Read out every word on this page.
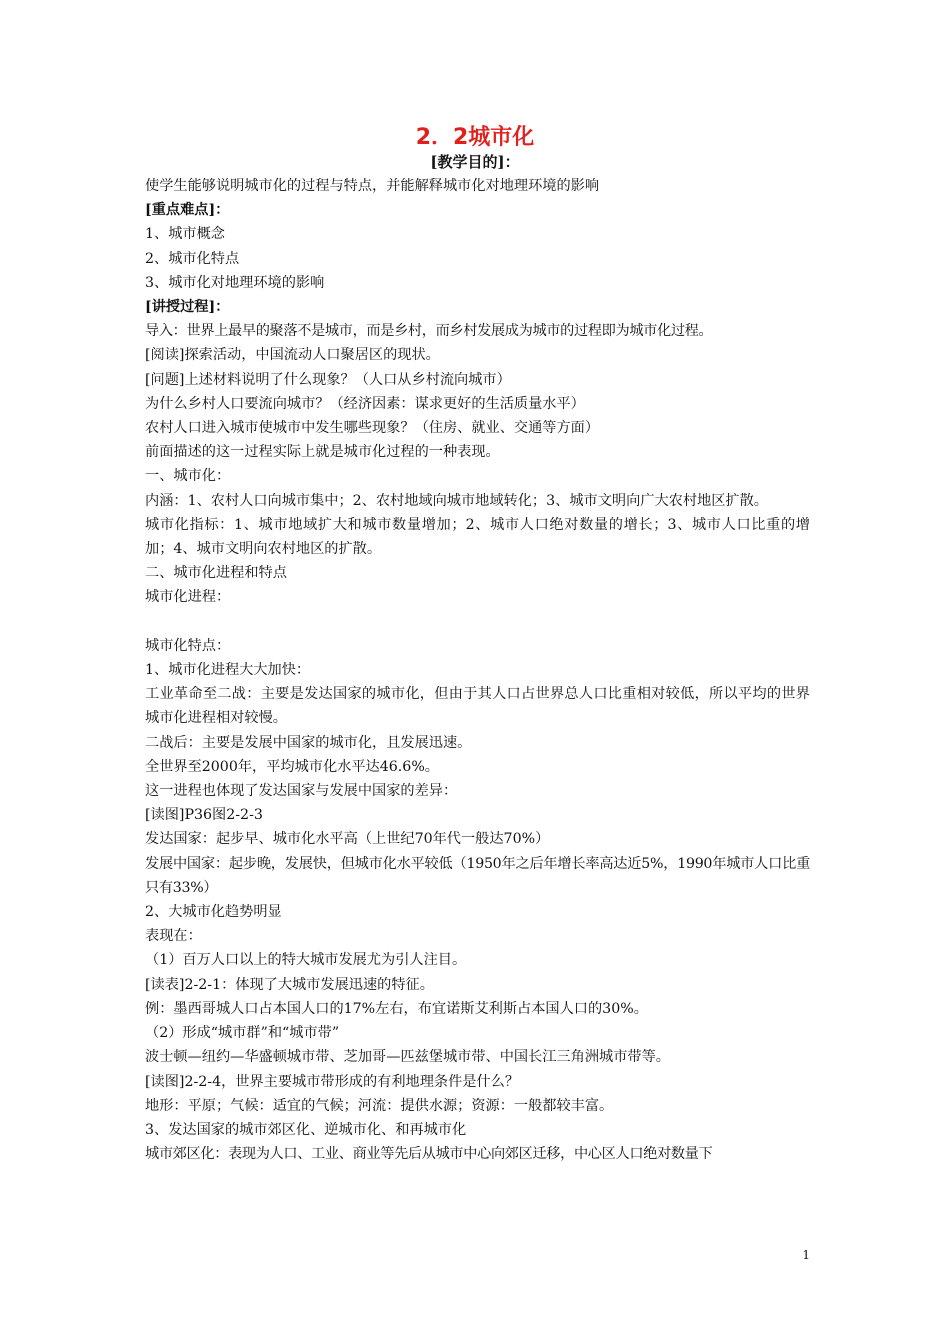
2．2城市化
[教学目的]：
使学生能够说明城市化的过程与特点，并能解释城市化对地理环境的影响
[重点难点]：
1、城市概念
2、城市化特点
3、城市化对地理环境的影响
[讲授过程]：
导入：世界上最早的聚落不是城市，而是乡村，而乡村发展成为城市的过程即为城市化过程。
[阅读]探索活动，中国流动人口聚居区的现状。
[问题]上述材料说明了什么现象？（人口从乡村流向城市）
为什么乡村人口要流向城市？（经济因素：谋求更好的生活质量水平）
农村人口进入城市使城市中发生哪些现象？（住房、就业、交通等方面）
前面描述的这一过程实际上就是城市化过程的一种表现。
一、城市化：
内涵：1、农村人口向城市集中；2、农村地域向城市地域转化；3、城市文明向广大农村地区扩散。
城市化指标：1、城市地域扩大和城市数量增加；2、城市人口绝对数量的增长；3、城市人口比重的增加；4、城市文明向农村地区的扩散。
二、城市化进程和特点
城市化进程：
城市化特点：
1、城市化进程大大加快：
工业革命至二战：主要是发达国家的城市化，但由于其人口占世界总人口比重相对较低，所以平均的世界城市化进程相对较慢。
二战后：主要是发展中国家的城市化，且发展迅速。
全世界至2000年，平均城市化水平达46.6%。
这一进程也体现了发达国家与发展中国家的差异：
[读图]P36图2-2-3
发达国家：起步早、城市化水平高（上世纪70年代一般达70%）
发展中国家：起步晚，发展快，但城市化水平较低（1950年之后年增长率高达近5%，1990年城市人口比重只有33%）
2、大城市化趋势明显
表现在：
（1）百万人口以上的特大城市发展尤为引人注目。
[读表]2-2-1：体现了大城市发展迅速的特征。
例：墨西哥城人口占本国人口的17%左右，布宜诺斯艾利斯占本国人口的30%。
（2）形成“城市群”和“城市带”
波士顿—纽约—华盛顿城市带、芝加哥—匹兹堡城市带、中国长江三角洲城市带等。
[读图]2-2-4，世界主要城市带形成的有利地理条件是什么？
地形：平原；气候：适宜的气候；河流：提供水源；资源：一般都较丰富。
3、发达国家的城市郊区化、逆城市化、和再城市化
城市郊区化：表现为人口、工业、商业等先后从城市中心向郊区迁移，中心区人口绝对数量下
1
